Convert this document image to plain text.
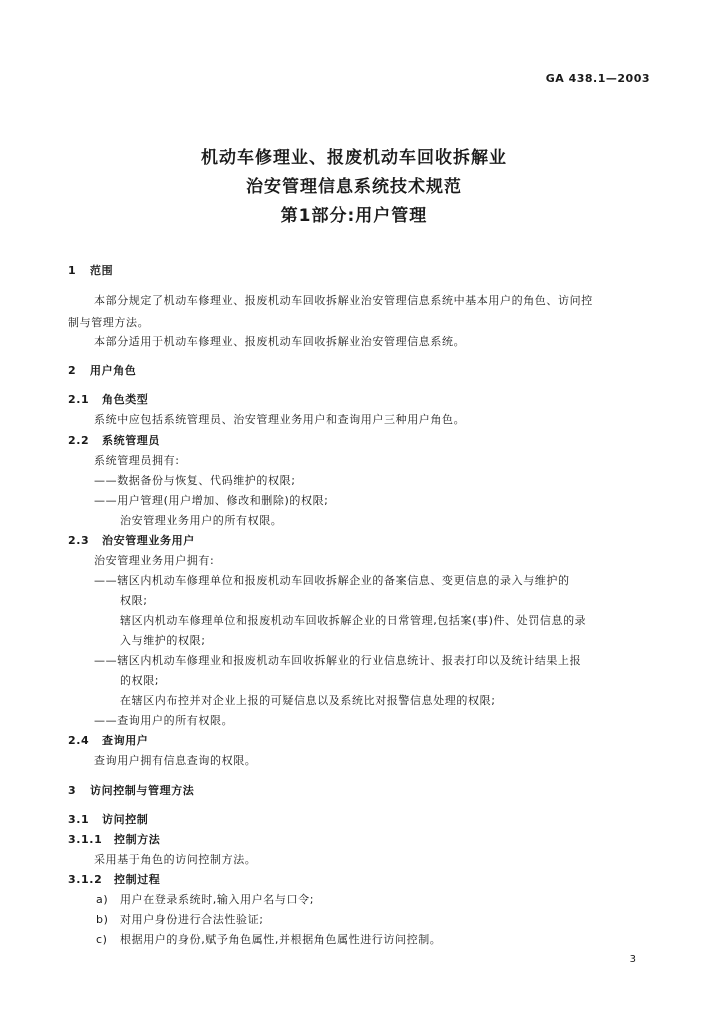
GA 438.1—2003
机动车修理业、报废机动车回收拆解业
治安管理信息系统技术规范
第1部分:用户管理
1 范围
本部分规定了机动车修理业、报废机动车回收拆解业治安管理信息系统中基本用户的角色、访问控
制与管理方法。
本部分适用于机动车修理业、报废机动车回收拆解业治安管理信息系统。
2 用户角色
2.1 角色类型
系统中应包括系统管理员、治安管理业务用户和查询用户三种用户角色。
2.2 系统管理员
系统管理员拥有:
——数据备份与恢复、代码维护的权限;
——用户管理(用户增加、修改和删除)的权限;
治安管理业务用户的所有权限。
2.3 治安管理业务用户
治安管理业务用户拥有:
——辖区内机动车修理单位和报废机动车回收拆解企业的备案信息、变更信息的录入与维护的
权限;
辖区内机动车修理单位和报废机动车回收拆解企业的日常管理,包括案(事)件、处罚信息的录
入与维护的权限;
——辖区内机动车修理业和报废机动车回收拆解业的行业信息统计、报表打印以及统计结果上报
的权限;
在辖区内布控并对企业上报的可疑信息以及系统比对报警信息处理的权限;
——查询用户的所有权限。
2.4 查询用户
查询用户拥有信息查询的权限。
3 访问控制与管理方法
3.1 访问控制
3.1.1 控制方法
采用基于角色的访问控制方法。
3.1.2 控制过程
a) 用户在登录系统时,输入用户名与口令;
b) 对用户身份进行合法性验证;
c) 根据用户的身份,赋予角色属性,并根据角色属性进行访问控制。
3
